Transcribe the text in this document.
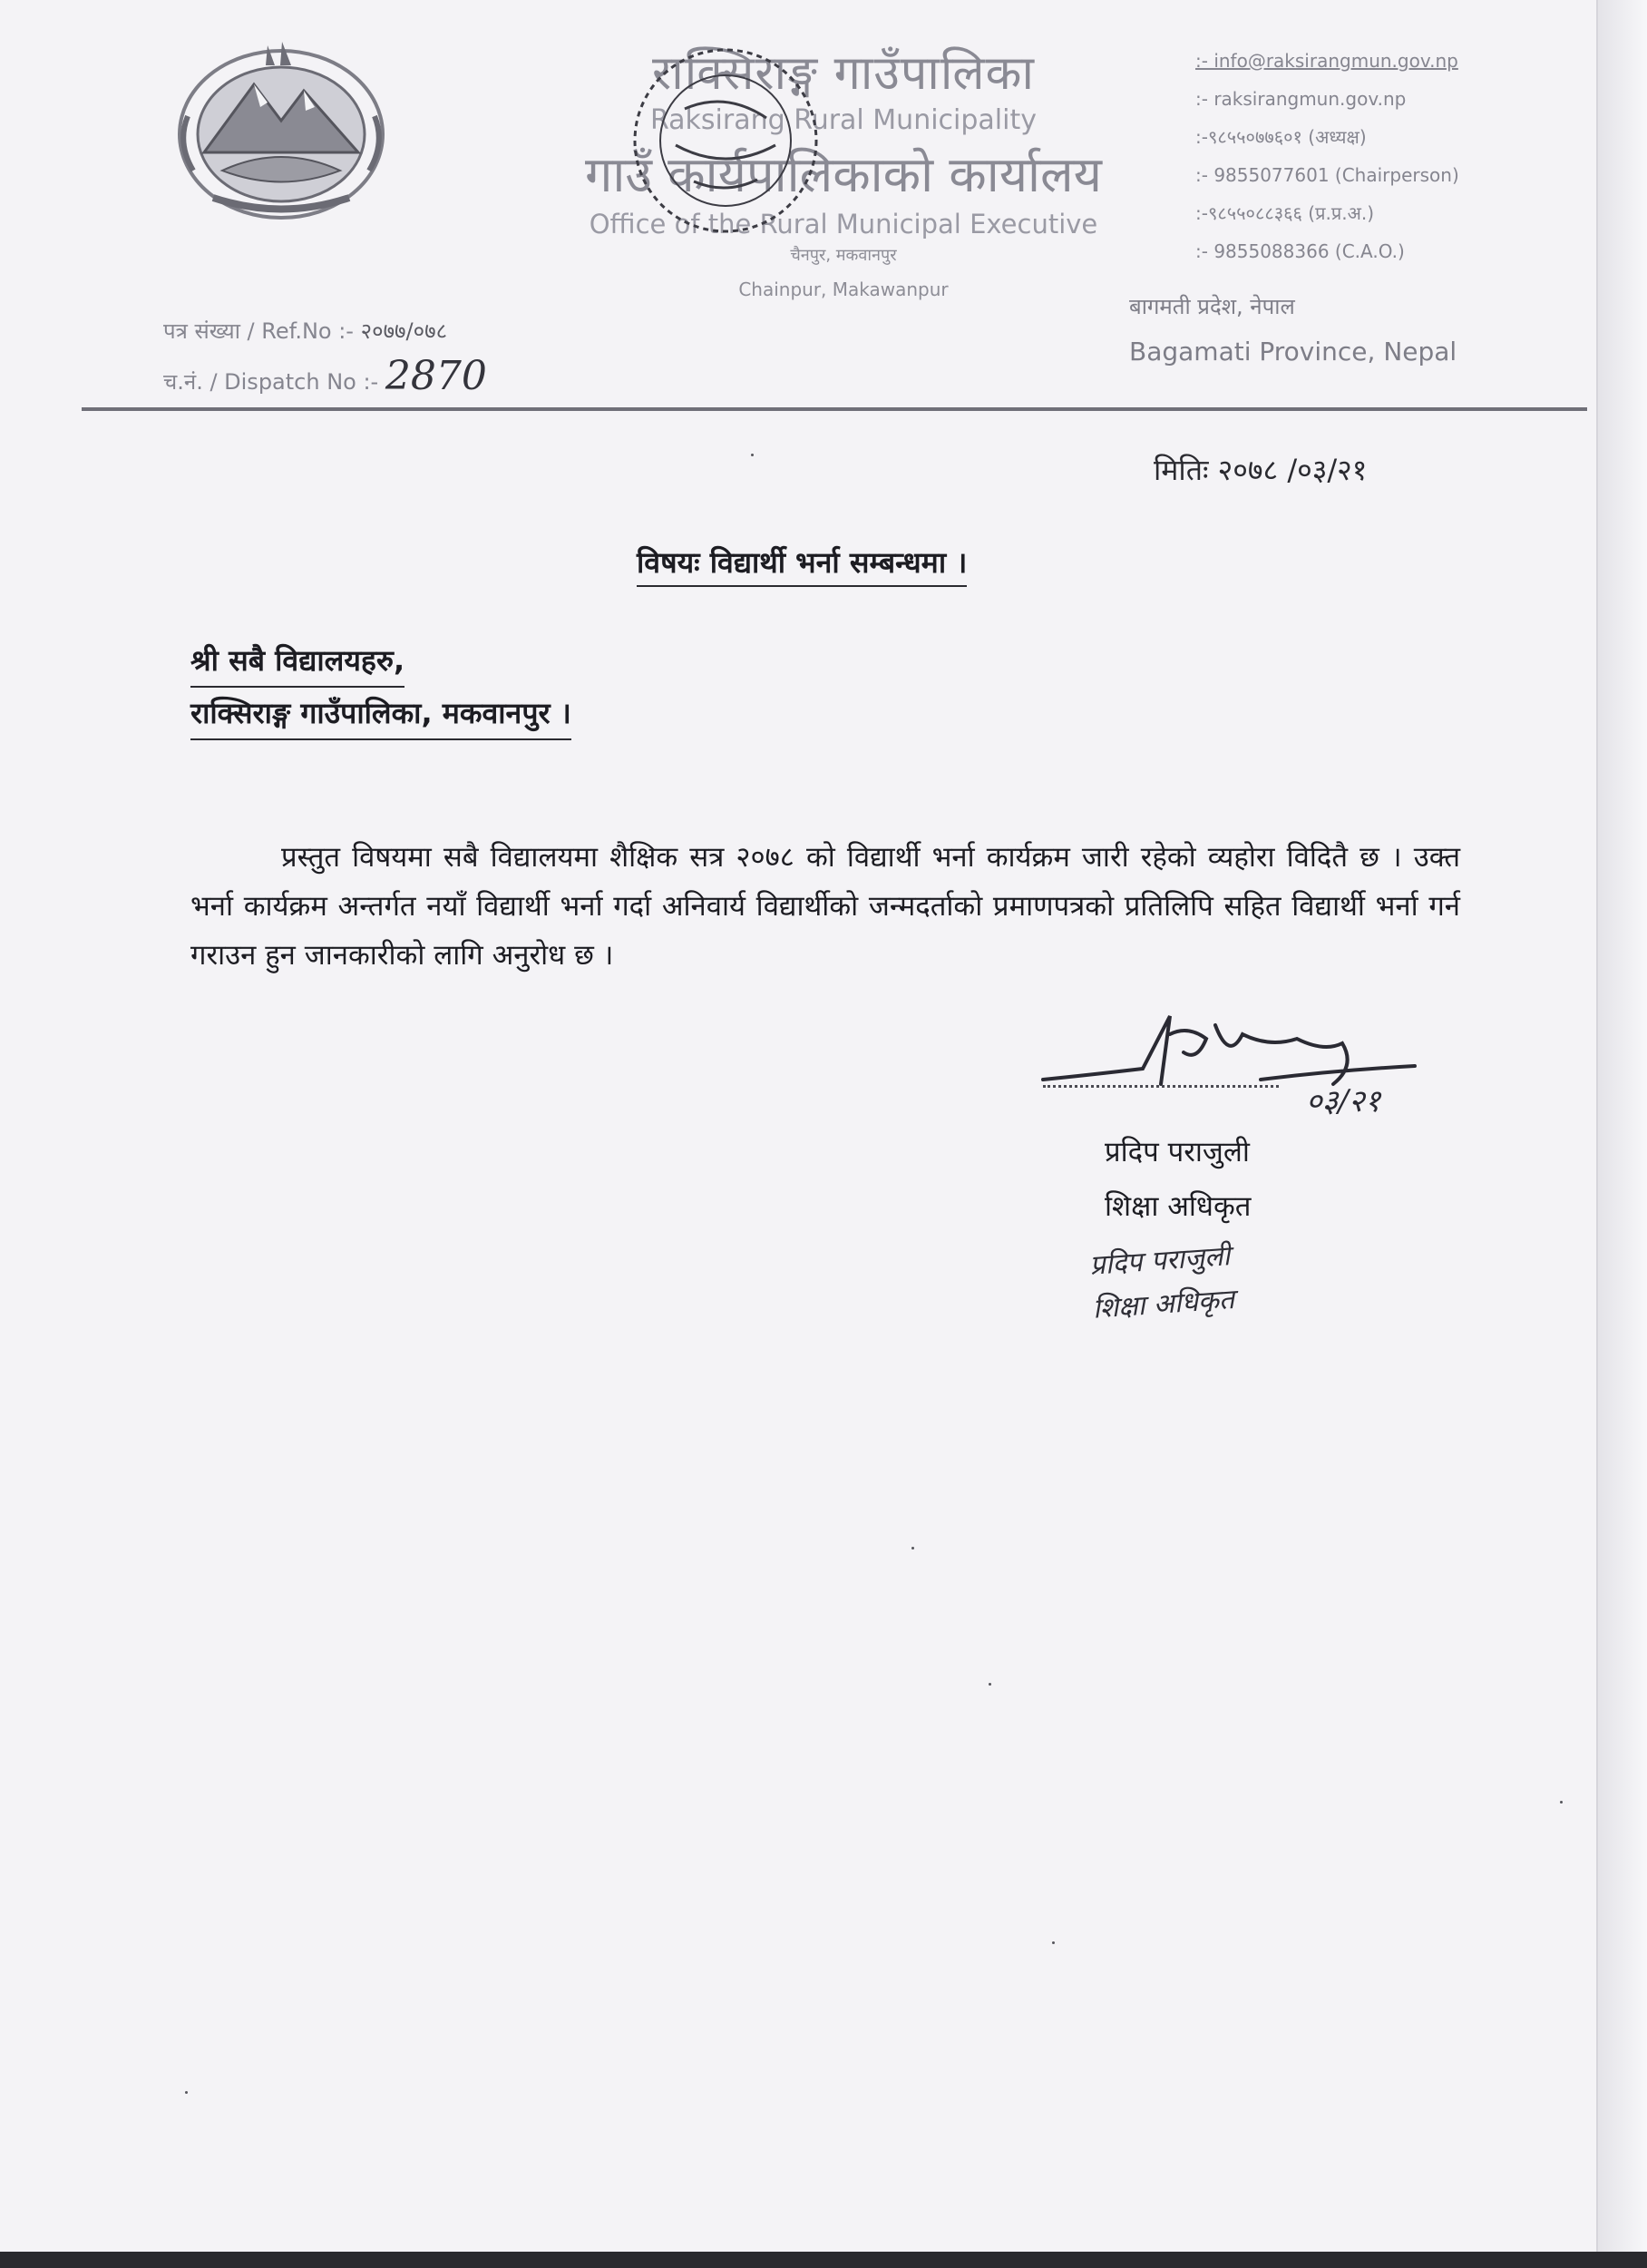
राक्सिराङ्ग गाउँपालिका
Raksirang Rural Municipality
गाउँ कार्यपालिकाको कार्यालय
Office of the Rural Municipal Executive
चैनपुर, मकवानपुर
Chainpur, Makawanpur
:- info@raksirangmun.gov.np
:- raksirangmun.gov.np
:-९८५५०७७६०१ (अध्यक्ष)
:- 9855077601 (Chairperson)
:-९८५५०८८३६६ (प्र.प्र.अ.)
:- 9855088366 (C.A.O.)
बागमती प्रदेश, नेपाल
Bagamati Province, Nepal
पत्र संख्या / Ref.No :- २०७७/०७८
च.नं. / Dispatch No :- 2870
मितिः २०७८ /०३/२१
विषयः विद्यार्थी भर्ना सम्बन्धमा ।
श्री सबै विद्यालयहरु,
राक्सिराङ्ग गाउँपालिका, मकवानपुर ।
प्रस्तुत विषयमा सबै विद्यालयमा शैक्षिक सत्र २०७८ को विद्यार्थी भर्ना कार्यक्रम जारी रहेको व्यहोरा विदितै छ । उक्त भर्ना कार्यक्रम अन्तर्गत नयाँ विद्यार्थी भर्ना गर्दा अनिवार्य विद्यार्थीको जन्मदर्ताको प्रमाणपत्रको प्रतिलिपि सहित विद्यार्थी भर्ना गर्न गराउन हुन जानकारीको लागि अनुरोध छ ।
०३/२१
प्रदिप पराजुली
शिक्षा अधिकृत
प्रदिप पराजुली
शिक्षा अधिकृत
